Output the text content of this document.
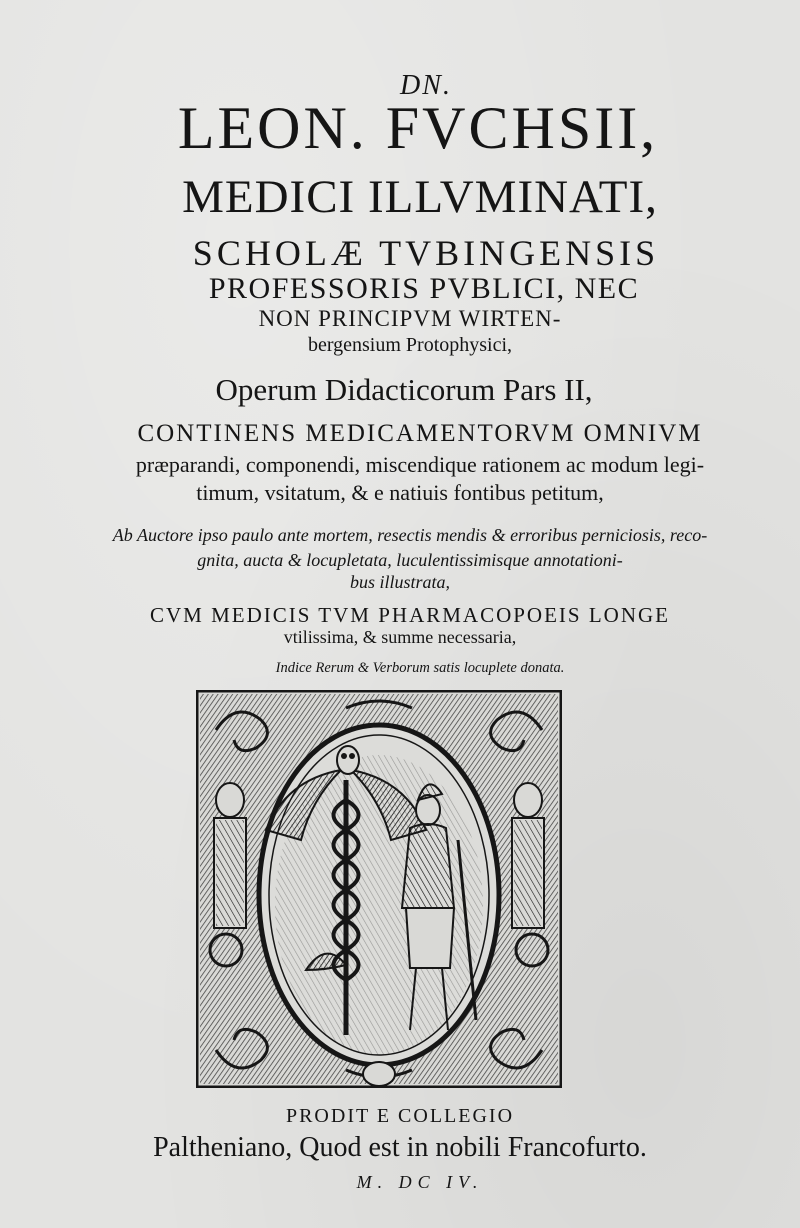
DN.
LEON. FVCHSII,
MEDICI ILLVMINATI,
SCHOLÆ TVBINGENSIS
PROFESSORIS PVBLICI, NEC
NON PRINCIPVM WIRTEN-
bergensium Protophysici,
Operum Didacticorum Pars II,
CONTINENS MEDICAMENTORVM OMNIVM
præparandi, componendi, miscendique rationem ac modum legi-
timum, vsitatum, & e natiuis fontibus petitum,
Ab Auctore ipso paulo ante mortem, resectis mendis & erroribus perniciosis, reco-
gnita, aucta & locupletata, luculentissimisque annotationi-
bus illustrata,
CVM MEDICIS TVM PHARMACOPOEIS LONGE
vtilissima, & summe necessaria,
Indice Rerum & Verborum satis locuplete donata.
PRODIT E COLLEGIO
Paltheniano, Quod est in nobili Francofurto.
M. DC IV.
